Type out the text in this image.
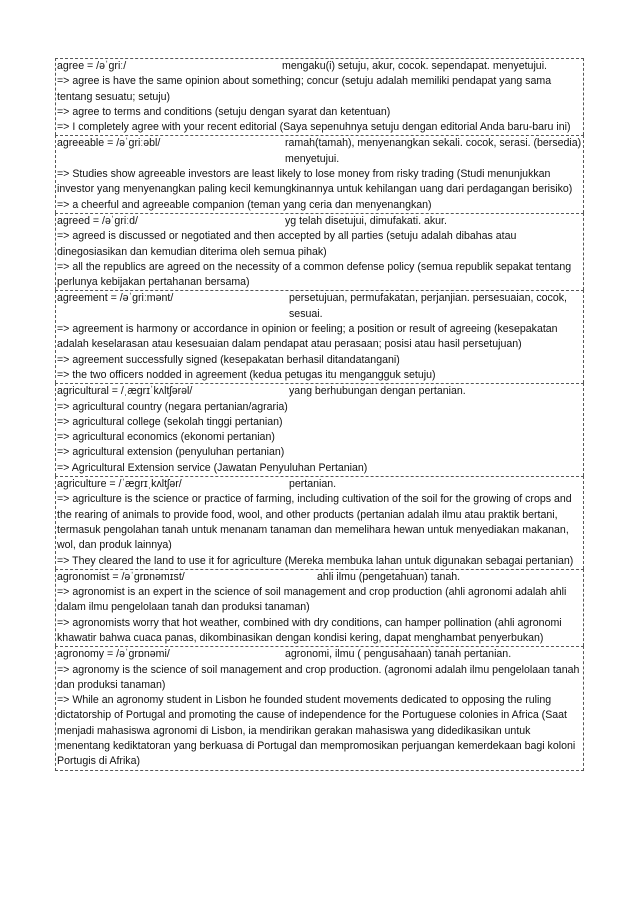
agree = /əˈɡriː/	mengaku(i) setuju, akur, cocok. sependapat. menyetujui.
=> agree is have the same opinion about something; concur (setuju adalah memiliki pendapat yang sama tentang sesuatu; setuju)
=> agree to terms and conditions (setuju dengan syarat dan ketentuan)
=> I completely agree with your recent editorial (Saya sepenuhnya setuju dengan editorial Anda baru-baru ini)
agreeable = /əˈɡriːəbl/	ramah(tamah), menyenangkan sekali. cocok, serasi. (bersedia) menyetujui.
=> Studies show agreeable investors are least likely to lose money from risky trading (Studi menunjukkan investor yang menyenangkan paling kecil kemungkinannya untuk kehilangan uang dari perdagangan berisiko)
=> a cheerful and agreeable companion (teman yang ceria dan menyenangkan)
agreed = /əˈɡriːd/	yg telah disetujui, dimufakati. akur.
=> agreed is discussed or negotiated and then accepted by all parties (setuju adalah dibahas atau dinegosiasikan dan kemudian diterima oleh semua pihak)
=> all the republics are agreed on the necessity of a common defense policy (semua republik sepakat tentang
perlunya kebijakan pertahanan bersama)
agreement = /əˈɡriːmənt/	persetujuan, permufakatan, perjanjian. persesuaian, cocok, sesuai.
=> agreement is harmony or accordance in opinion or feeling; a position or result of agreeing (kesepakatan adalah keselarasan atau kesesuaian dalam pendapat atau perasaan; posisi atau hasil persetujuan)
=> agreement successfully signed (kesepakatan berhasil ditandatangani)
=> the two officers nodded in agreement (kedua petugas itu mengangguk setuju)
agricultural = /ˌæɡrɪˈkʌltʃərəl/	yang berhubungan dengan pertanian.
=> agricultural country (negara pertanian/agraria)
=> agricultural college (sekolah tinggi pertanian)
=> agricultural economics (ekonomi pertanian)
=> agricultural extension (penyuluhan pertanian)
=> Agricultural Extension service (Jawatan Penyuluhan Pertanian)
agriculture = /ˈæɡrɪˌkʌltʃər/	pertanian.
=> agriculture is the science or practice of farming, including cultivation of the soil for the growing of crops and the rearing of animals to provide food, wool, and other products (pertanian adalah ilmu atau praktik bertani, termasuk pengolahan tanah untuk menanam tanaman dan memelihara hewan untuk menyediakan makanan, wol, dan produk lainnya)
=> They cleared the land to use it for agriculture (Mereka membuka lahan untuk digunakan sebagai pertanian)
agronomist = /əˈɡrɒnəmɪst/	ahli ilmu (pengetahuan) tanah.
=> agronomist is an expert in the science of soil management and crop production (ahli agronomi adalah ahli dalam ilmu pengelolaan tanah dan produksi tanaman)
=> agronomists worry that hot weather, combined with dry conditions, can hamper pollination (ahli agronomi
khawatir bahwa cuaca panas, dikombinasikan dengan kondisi kering, dapat menghambat penyerbukan)
agronomy = /əˈɡrɒnəmi/	agronomi, ilmu ( pengusahaan) tanah pertanian.
=> agronomy is the science of soil management and crop production. (agronomi adalah ilmu pengelolaan tanah dan produksi tanaman)
=> While an agronomy student in Lisbon he founded student movements dedicated to opposing the ruling dictatorship of Portugal and promoting the cause of independence for the Portuguese colonies in Africa (Saat menjadi mahasiswa agronomi di Lisbon, ia mendirikan gerakan mahasiswa yang didedikasikan untuk menentang kediktatoran yang berkuasa di Portugal dan mempromosikan perjuangan kemerdekaan bagi koloni
Portugis di Afrika)
